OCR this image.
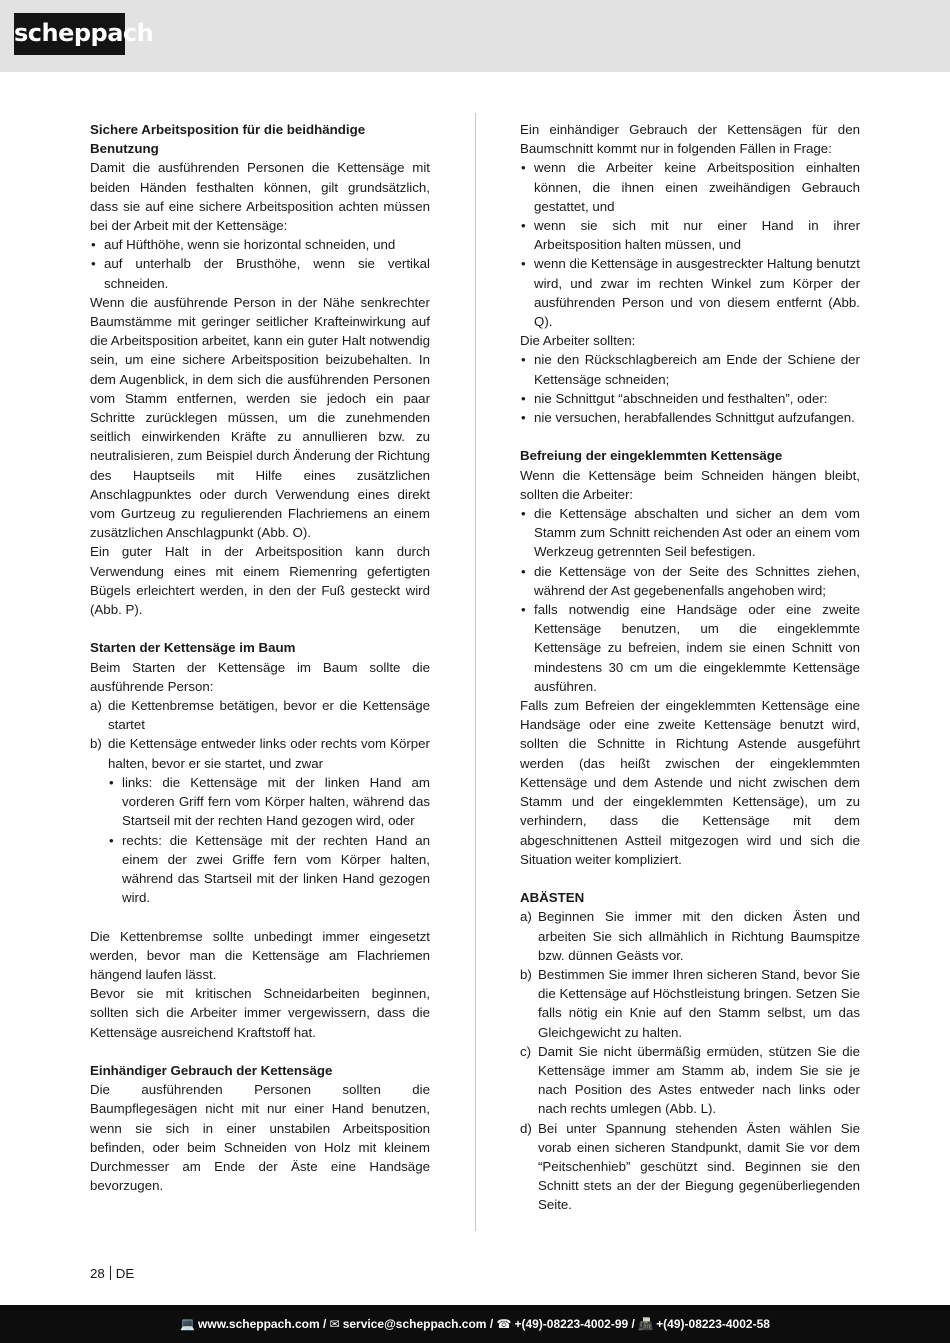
scheppach

Sichere Arbeitsposition für die beidhändige Benutzung

Damit die ausführenden Personen die Kettensäge mit beiden Händen festhalten können, gilt grundsätzlich, dass sie auf eine sichere Arbeitsposition achten müssen bei der Arbeit mit der Kettensäge:

• auf Hüfthöhe, wenn sie horizontal schneiden, und
• auf unterhalb der Brusthöhe, wenn sie vertikal schneiden.

Wenn die ausführende Person in der Nähe senkrechter Baumstämme mit geringer seitlicher Krafteinwirkung auf die Arbeitsposition arbeitet, kann ein guter Halt notwendig sein, um eine sichere Arbeitsposition beizubehalten. In dem Augenblick, in dem sich die ausführenden Personen vom Stamm entfernen, werden sie jedoch ein paar Schritte zurücklegen müssen, um die zunehmenden seitlich einwirkenden Kräfte zu annullieren bzw. zu neutralisieren, zum Beispiel durch Änderung der Richtung des Hauptseils mit Hilfe eines zusätzlichen Anschlagpunktes oder durch Verwendung eines direkt vom Gurtzeug zu regulierenden Flachriemens an einem zusätzlichen Anschlagpunkt (Abb. O).

Ein guter Halt in der Arbeitsposition kann durch Verwendung eines mit einem Riemenring gefertigten Bügels erleichtert werden, in den der Fuß gesteckt wird (Abb. P).

Starten der Kettensäge im Baum

Beim Starten der Kettensäge im Baum sollte die ausführende Person:

a) die Kettenbremse betätigen, bevor er die Kettensäge startet
b) die Kettensäge entweder links oder rechts vom Körper halten, bevor er sie startet, und zwar
• links: die Kettensäge mit der linken Hand am vorderen Griff fern vom Körper halten, während das Startseil mit der rechten Hand gezogen wird, oder
• rechts: die Kettensäge mit der rechten Hand an einem der zwei Griffe fern vom Körper halten, während das Startseil mit der linken Hand gezogen wird.

Die Kettenbremse sollte unbedingt immer eingesetzt werden, bevor man die Kettensäge am Flachriemen hängend laufen lässt.

Bevor sie mit kritischen Schneidarbeiten beginnen, sollten sich die Arbeiter immer vergewissern, dass die Kettensäge ausreichend Kraftstoff hat.

Einhändiger Gebrauch der Kettensäge

Die ausführenden Personen sollten die Baumpflegesägen nicht mit nur einer Hand benutzen, wenn sie sich in einer unstabilen Arbeitsposition befinden, oder beim Schneiden von Holz mit kleinem Durchmesser am Ende der Äste eine Handsäge bevorzugen.

Ein einhändiger Gebrauch der Kettensägen für den Baumschnitt kommt nur in folgenden Fällen in Frage:

• wenn die Arbeiter keine Arbeitsposition einhalten können, die ihnen einen zweihändigen Gebrauch gestattet, und
• wenn sie sich mit nur einer Hand in ihrer Arbeitsposition halten müssen, und
• wenn die Kettensäge in ausgestreckter Haltung benutzt wird, und zwar im rechten Winkel zum Körper der ausführenden Person und von diesem entfernt (Abb. Q).

Die Arbeiter sollten:

• nie den Rückschlagbereich am Ende der Schiene der Kettensäge schneiden;
• nie Schnittgut “abschneiden und festhalten”, oder:
• nie versuchen, herabfallendes Schnittgut aufzufangen.

Befreiung der eingeklemmten Kettensäge

Wenn die Kettensäge beim Schneiden hängen bleibt, sollten die Arbeiter:

• die Kettensäge abschalten und sicher an dem vom Stamm zum Schnitt reichenden Ast oder an einem vom Werkzeug getrennten Seil befestigen.
• die Kettensäge von der Seite des Schnittes ziehen, während der Ast gegebenenfalls angehoben wird;
• falls notwendig eine Handsäge oder eine zweite Kettensäge benutzen, um die eingeklemmte Kettensäge zu befreien, indem sie einen Schnitt von mindestens 30 cm um die eingeklemmte Kettensäge ausführen.

Falls zum Befreien der eingeklemmten Kettensäge eine Handsäge oder eine zweite Kettensäge benutzt wird, sollten die Schnitte in Richtung Astende ausgeführt werden (das heißt zwischen der eingeklemmten Kettensäge und dem Astende und nicht zwischen dem Stamm und der eingeklemmten Kettensäge), um zu verhindern, dass die Kettensäge mit dem abgeschnittenen Astteil mitgezogen wird und sich die Situation weiter kompliziert.

ABÄSTEN

a) Beginnen Sie immer mit den dicken Ästen und arbeiten Sie sich allmählich in Richtung Baumspitze bzw. dünnen Geästs vor.
b) Bestimmen Sie immer Ihren sicheren Stand, bevor Sie die Kettensäge auf Höchstleistung bringen. Setzen Sie falls nötig ein Knie auf den Stamm selbst, um das Gleichgewicht zu halten.
c) Damit Sie nicht übermäßig ermüden, stützen Sie die Kettensäge immer am Stamm ab, indem Sie sie je nach Position des Astes entweder nach links oder nach rechts umlegen (Abb. L).
d) Bei unter Spannung stehenden Ästen wählen Sie vorab einen sicheren Standpunkt, damit Sie vor dem “Peitschenhieb” geschützt sind. Beginnen sie den Schnitt stets an der der Biegung gegenüberliegenden Seite.
28 DE
💻 www.scheppach.com / ✉ service@scheppach.com / ☎ +(49)-08223-4002-99 / 📠 +(49)-08223-4002-58
